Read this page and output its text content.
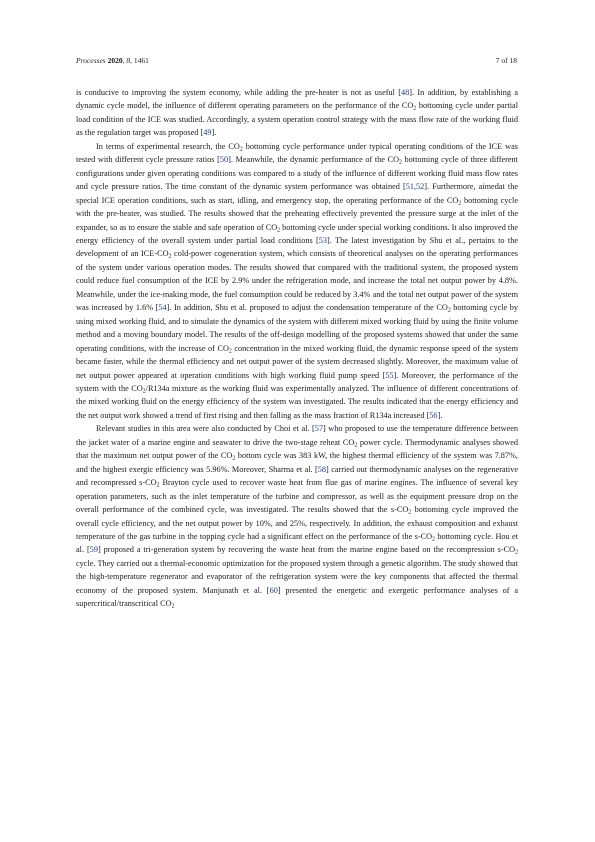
Processes 2020, 8, 1461	7 of 18

is conducive to improving the system economy, while adding the pre-heater is not as useful [48]. In addition, by establishing a dynamic cycle model, the influence of different operating parameters on the performance of the $CO_2$ bottoming cycle under partial load condition of the ICE was studied. Accordingly, a system operation control strategy with the mass flow rate of the working fluid as the regulation target was proposed [49].

In terms of experimental research, the $CO_2$ bottoming cycle performance under typical operating conditions of the ICE was tested with different cycle pressure ratios [50]. Meanwhile, the dynamic performance of the $CO_2$ bottoming cycle of three different configurations under given operating conditions was compared to a study of the influence of different working fluid mass flow rates and cycle pressure ratios. The time constant of the dynamic system performance was obtained [51,52]. Furthermore, aimedat the special ICE operation conditions, such as start, idling, and emergency stop, the operating performance of the $CO_2$ bottoming cycle with the pre-heater, was studied. The results showed that the preheating effectively prevented the pressure surge at the inlet of the expander, so as to ensure the stable and safe operation of $CO_2$ bottoming cycle under special working conditions. It also improved the energy efficiency of the overall system under partial load conditions [53]. The latest investigation by Shu et al., pertains to the development of an ICE-$CO_2$ cold-power cogeneration system, which consists of theoretical analyses on the operating performances of the system under various operation modes. The results showed that compared with the traditional system, the proposed system could reduce fuel consumption of the ICE by 2.9% under the refrigeration mode, and increase the total net output power by 4.8%. Meanwhile, under the ice-making mode, the fuel consumption could be reduced by 3.4% and the total net output power of the system was increased by 1.6% [54]. In addition, Shu et al. proposed to adjust the condensation temperature of the $CO_2$ bottoming cycle by using mixed working fluid, and to simulate the dynamics of the system with different mixed working fluid by using the finite volume method and a moving boundary model. The results of the off-design modelling of the proposed systems showed that under the same operating conditions, with the increase of $CO_2$ concentration in the mixed working fluid, the dynamic response speed of the system became faster, while the thermal efficiency and net output power of the system decreased slightly. Moreover, the maximum value of net output power appeared at operation conditions with high working fluid pump speed [55]. Moreover, the performance of the system with the $CO_2/R134a$ mixture as the working fluid was experimentally analyzed. The influence of different concentrations of the mixed working fluid on the energy efficiency of the system was investigated. The results indicated that the energy efficiency and the net output work showed a trend of first rising and then falling as the mass fraction of R134a increased [56].

Relevant studies in this area were also conducted by Choi et al. [57] who proposed to use the temperature difference between the jacket water of a marine engine and seawater to drive the two-stage reheat $CO_2$ power cycle. Thermodynamic analyses showed that the maximum net output power of the $CO_2$ bottom cycle was 383 kW, the highest thermal efficiency of the system was 7.87%, and the highest exergic efficiency was 5.96%. Moreover, Sharma et al. [58] carried out thermodynamic analyses on the regenerative and recompressed $s-CO_2$ Brayton cycle used to recover waste heat from flue gas of marine engines. The influence of several key operation parameters, such as the inlet temperature of the turbine and compressor, as well as the equipment pressure drop on the overall performance of the combined cycle, was investigated. The results showed that the $s-CO_2$ bottoming cycle improved the overall cycle efficiency, and the net output power by 10%, and 25%, respectively. In addition, the exhaust composition and exhaust temperature of the gas turbine in the topping cycle had a significant effect on the performance of the $s-CO_2$ bottoming cycle. Hou et al. [59] proposed a tri-generation system by recovering the waste heat from the marine engine based on the recompression $s-CO_2$ cycle. They carried out a thermal-economic optimization for the proposed system through a genetic algorithm. The study showed that the high-temperature regenerator and evaporator of the refrigeration system were the key components that affected the thermal economy of the proposed system. Manjunath et al. [60] presented the energetic and exergetic performance analyses of a supercritical/transcritical $CO_2$
